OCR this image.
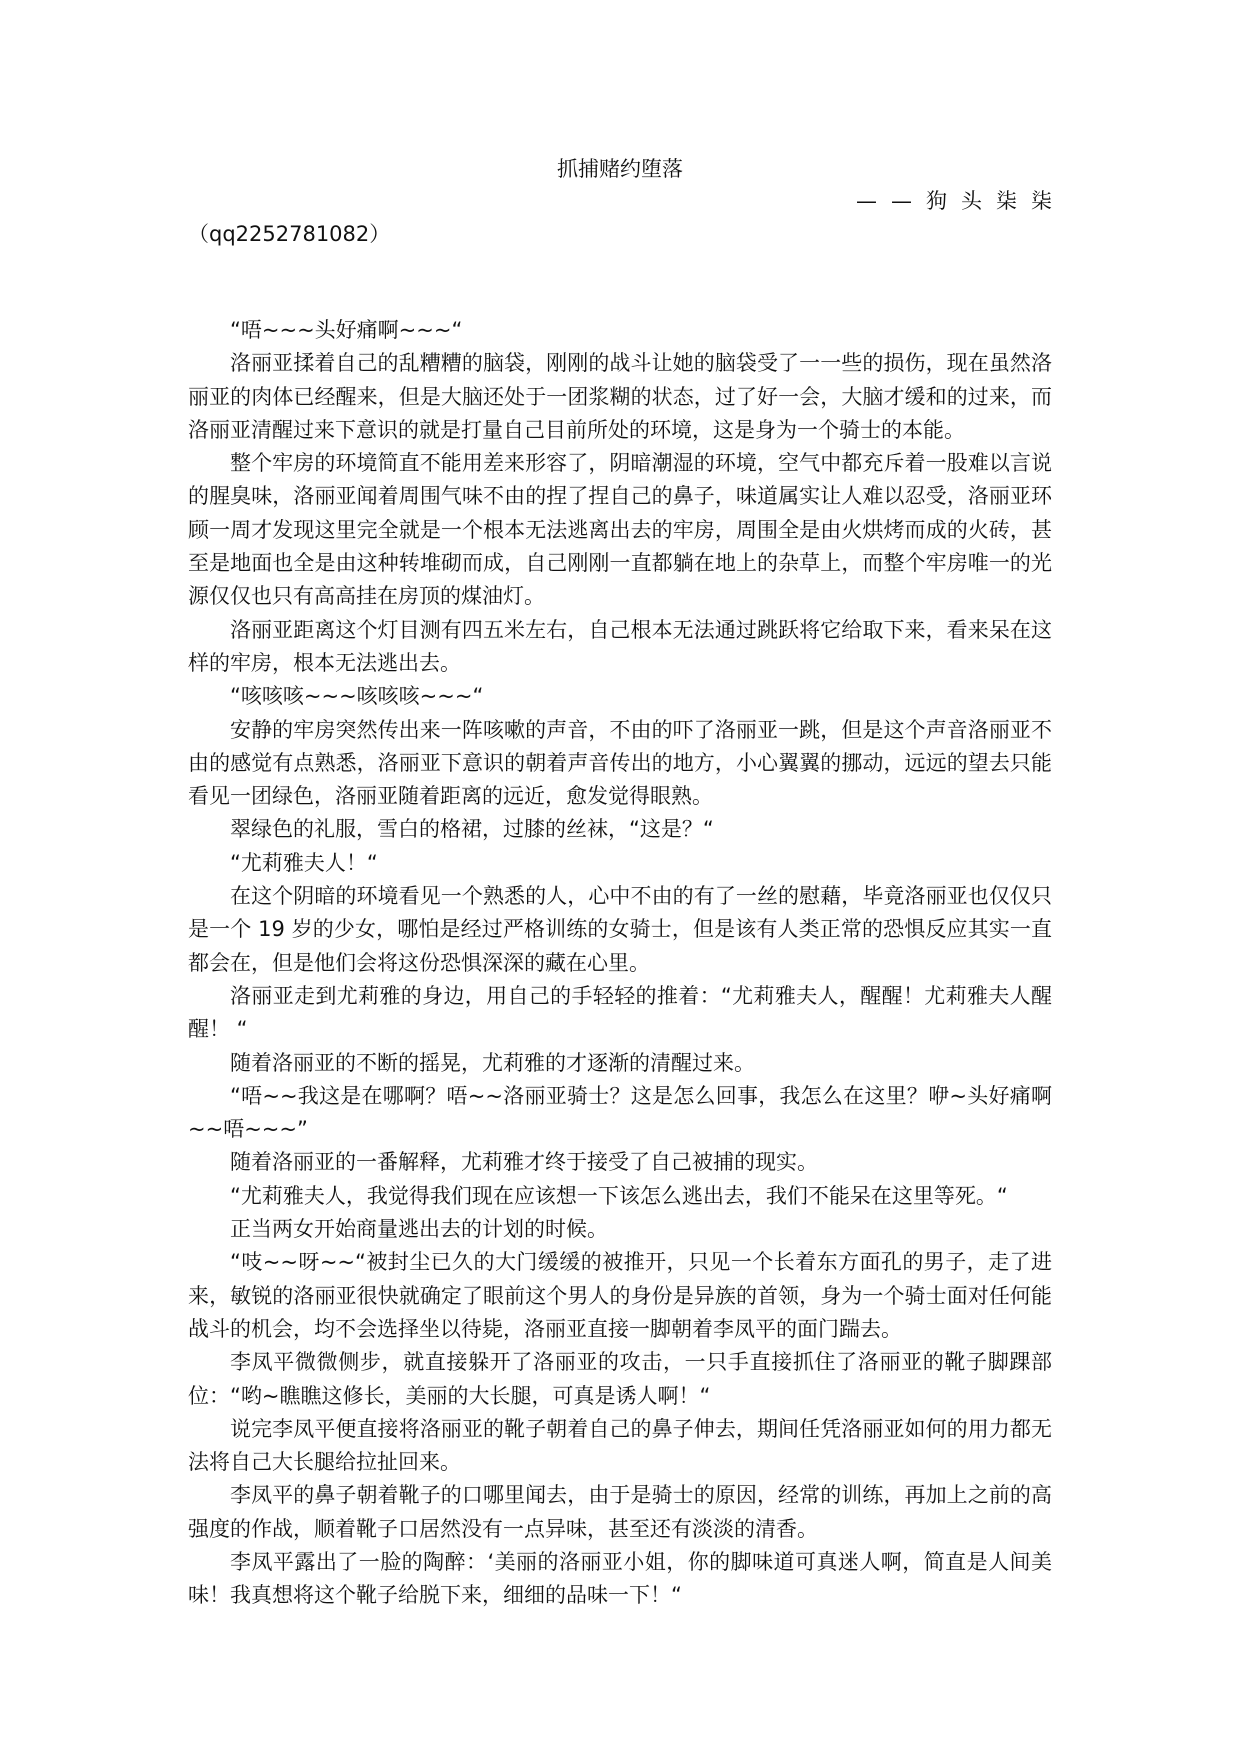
抓捕赌约堕落
——狗头柒柒
（qq2252781082）

“唔~~~头好痛啊~~~“

洛丽亚揉着自己的乱糟糟的脑袋，刚刚的战斗让她的脑袋受了一一些的损伤，现在虽然洛丽亚的肉体已经醒来，但是大脑还处于一团浆糊的状态，过了好一会，大脑才缓和的过来，而洛丽亚清醒过来下意识的就是打量自己目前所处的环境，这是身为一个骑士的本能。

整个牢房的环境简直不能用差来形容了，阴暗潮湿的环境，空气中都充斥着一股难以言说的腥臭味，洛丽亚闻着周围气味不由的捏了捏自己的鼻子，味道属实让人难以忍受，洛丽亚环顾一周才发现这里完全就是一个根本无法逃离出去的牢房，周围全是由火烘烤而成的火砖，甚至是地面也全是由这种转堆砌而成，自己刚刚一直都躺在地上的杂草上，而整个牢房唯一的光源仅仅也只有高高挂在房顶的煤油灯。

洛丽亚距离这个灯目测有四五米左右，自己根本无法通过跳跃将它给取下来，看来呆在这样的牢房，根本无法逃出去。

“咳咳咳~~~咳咳咳~~~“

安静的牢房突然传出来一阵咳嗽的声音，不由的吓了洛丽亚一跳，但是这个声音洛丽亚不由的感觉有点熟悉，洛丽亚下意识的朝着声音传出的地方，小心翼翼的挪动，远远的望去只能看见一团绿色，洛丽亚随着距离的远近，愈发觉得眼熟。

翠绿色的礼服，雪白的格裙，过膝的丝袜，“这是？“

“尤莉雅夫人！“

在这个阴暗的环境看见一个熟悉的人，心中不由的有了一丝的慰藉，毕竟洛丽亚也仅仅只是一个 19 岁的少女，哪怕是经过严格训练的女骑士，但是该有人类正常的恐惧反应其实一直都会在，但是他们会将这份恐惧深深的藏在心里。

洛丽亚走到尤莉雅的身边，用自己的手轻轻的推着：“尤莉雅夫人，醒醒！尤莉雅夫人醒醒！ “

随着洛丽亚的不断的摇晃，尤莉雅的才逐渐的清醒过来。

“唔~~我这是在哪啊？唔~~洛丽亚骑士？这是怎么回事，我怎么在这里？咿~头好痛啊~~唔~~~”

随着洛丽亚的一番解释，尤莉雅才终于接受了自己被捕的现实。

“尤莉雅夫人，我觉得我们现在应该想一下该怎么逃出去，我们不能呆在这里等死。“

正当两女开始商量逃出去的计划的时候。

“吱~~呀~~“被封尘已久的大门缓缓的被推开，只见一个长着东方面孔的男子，走了进来，敏锐的洛丽亚很快就确定了眼前这个男人的身份是异族的首领，身为一个骑士面对任何能战斗的机会，均不会选择坐以待毙，洛丽亚直接一脚朝着李凤平的面门踹去。

李凤平微微侧步，就直接躲开了洛丽亚的攻击，一只手直接抓住了洛丽亚的靴子脚踝部位：“哟~瞧瞧这修长，美丽的大长腿，可真是诱人啊！“

说完李凤平便直接将洛丽亚的靴子朝着自己的鼻子伸去，期间任凭洛丽亚如何的用力都无法将自己大长腿给拉扯回来。

李凤平的鼻子朝着靴子的口哪里闻去，由于是骑士的原因，经常的训练，再加上之前的高强度的作战，顺着靴子口居然没有一点异味，甚至还有淡淡的清香。

李凤平露出了一脸的陶醉：‘美丽的洛丽亚小姐，你的脚味道可真迷人啊，简直是人间美味！我真想将这个靴子给脱下来，细细的品味一下！“
